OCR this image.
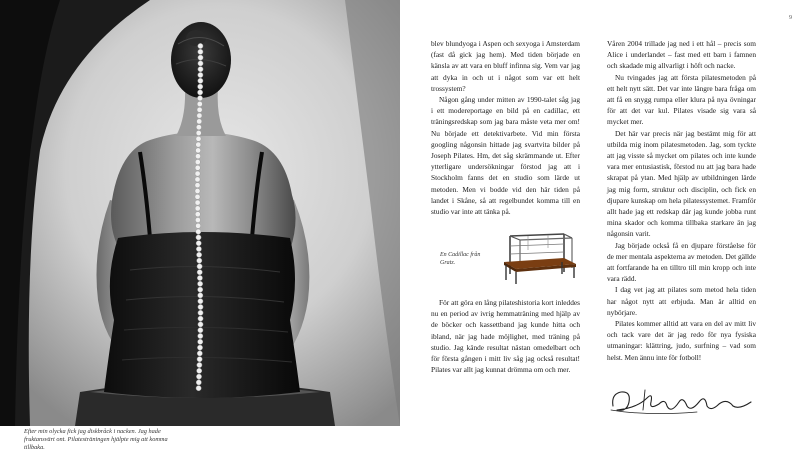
Efter min olycka fick jag diskbråck i nacken. Jag hade fruktansvärt ont. Pilatesträningen hjälpte mig att komma tillbaka.
9

blev blundyoga i Aspen och sexyoga i Amsterdam (fast då gick jag hem). Med tiden började en känsla av att vara en bluff infinna sig. Vem var jag att dyka in och ut i något som var ett helt trossystem?

Någon gång under mitten av 1990-talet såg jag i ett modereportage en bild på en cadillac, ett träningsredskap som jag bara måste veta mer om! Nu började ett detektivarbete. Vid min första googling någonsin hittade jag svartvita bilder på Joseph Pilates. Hm, det såg skrämmande ut. Efter ytterligare undersökningar förstod jag att i Stockholm fanns det en studio som lärde ut metoden. Men vi bodde vid den här tiden på landet i Skåne, så att regelbundet komma till en studio var inte att tänka på.

En Cadillac från Gratz.

För att göra en lång pilateshistoria kort inleddes nu en period av ivrig hemmaträning med hjälp av de böcker och kassettband jag kunde hitta och ibland, när jag hade möjlighet, med träning på studio. Jag kände resultat nästan omedelbart och för första gången i mitt liv såg jag också resultat! Pilates var allt jag kunnat drömma om och mer.

Våren 2004 trillade jag ned i ett hål – precis som Alice i underlandet – fast med ett barn i famnen och skadade mig allvarligt i höft och nacke.

Nu tvingades jag att första pilatesmetoden på ett helt nytt sätt. Det var inte längre bara fråga om att få en snygg rumpa eller klura på nya övningar för att det var kul. Pilates visade sig vara så mycket mer.

Det här var precis när jag bestämt mig för att utbilda mig inom pilatesmetoden. Jag, som tyckte att jag visste så mycket om pilates och inte kunde vara mer entusiastisk, förstod nu att jag bara hade skrapat på ytan. Med hjälp av utbildningen lärde jag mig form, struktur och disciplin, och fick en djupare kunskap om hela pilatessystemet. Framför allt hade jag ett redskap där jag kunde jobba runt mina skador och komma tillbaka starkare än jag någonsin varit.

Jag började också få en djupare förståelse för de mer mentala aspekterna av metoden. Det gällde att fortfarande ha en tilltro till min kropp och inte vara rädd.

I dag vet jag att pilates som metod hela tiden har något nytt att erbjuda. Man är alltid en nybörjare.

Pilates kommer alltid att vara en del av mitt liv och tack vare det är jag redo för nya fysiska utmaningar: klättring, judo, surfning – vad som helst. Men ännu inte för fotboll!
